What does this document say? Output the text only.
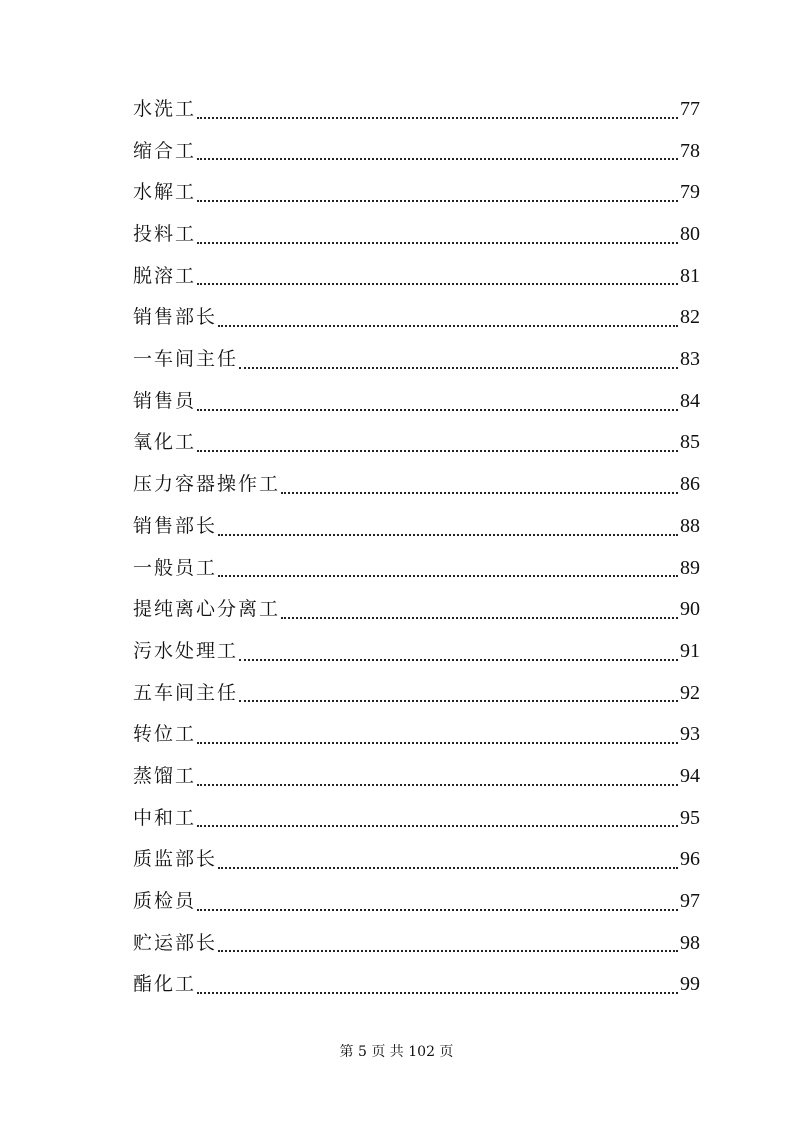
水洗工	77
缩合工	78
水解工	79
投料工	80
脱溶工	81
销售部长	82
一车间主任	83
销售员	84
氧化工	85
压力容器操作工	86
销售部长	88
一般员工	89
提纯离心分离工	90
污水处理工	91
五车间主任	92
转位工	93
蒸馏工	94
中和工	95
质监部长	96
质检员	97
贮运部长	98
酯化工	99
第 5 页 共 102 页
